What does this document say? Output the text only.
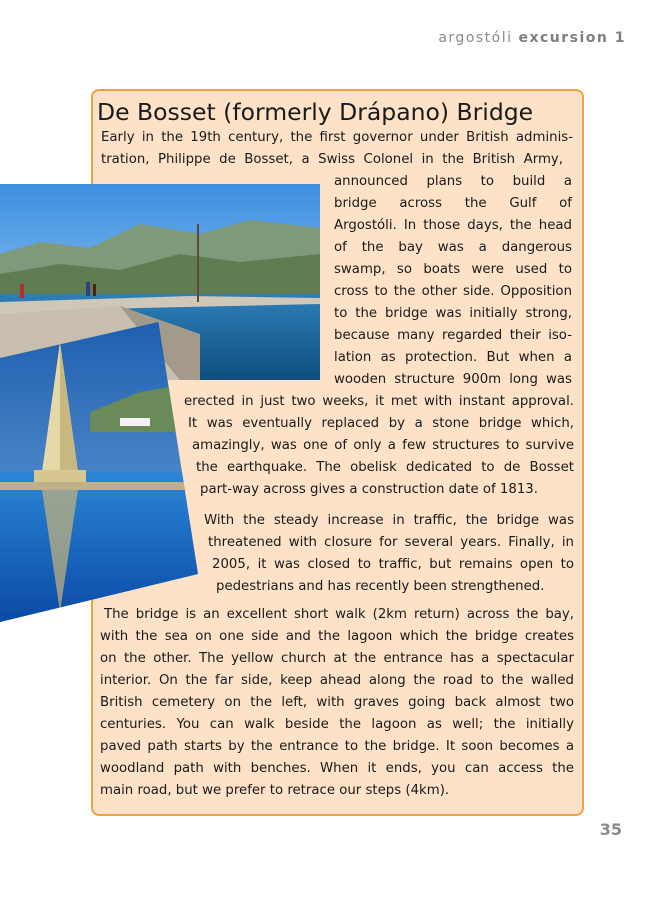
argostóli excursion 1
De Bosset (formerly Drápano) Bridge
Early in the 19th century, the first governor under British adminis-
tration, Philippe de Bosset, a Swiss Colonel in the British Army,
announced plans to build a
bridge across the Gulf of
Argostóli. In those days, the head
of the bay was a dangerous
swamp, so boats were used to
cross to the other side. Opposition
to the bridge was initially strong,
because many regarded their iso-
lation as protection. But when a
wooden structure 900m long was
erected in just two weeks, it met with instant approval.
It was eventually replaced by a stone bridge which,
amazingly, was one of only a few structures to survive
the earthquake. The obelisk dedicated to de Bosset
part-way across gives a construction date of 1813.
With the steady increase in traffic, the bridge was
threatened with closure for several years. Finally, in
2005, it was closed to traffic, but remains open to
pedestrians and has recently been strengthened.
The bridge is an excellent short walk (2km return) across the bay,
with the sea on one side and the lagoon which the bridge creates
on the other. The yellow church at the entrance has a spectacular
interior. On the far side, keep ahead along the road to the walled
British cemetery on the left, with graves going back almost two
centuries. You can walk beside the lagoon as well; the initially
paved path starts by the entrance to the bridge. It soon becomes a
woodland path with benches. When it ends, you can access the
main road, but we prefer to retrace our steps (4km).
35
